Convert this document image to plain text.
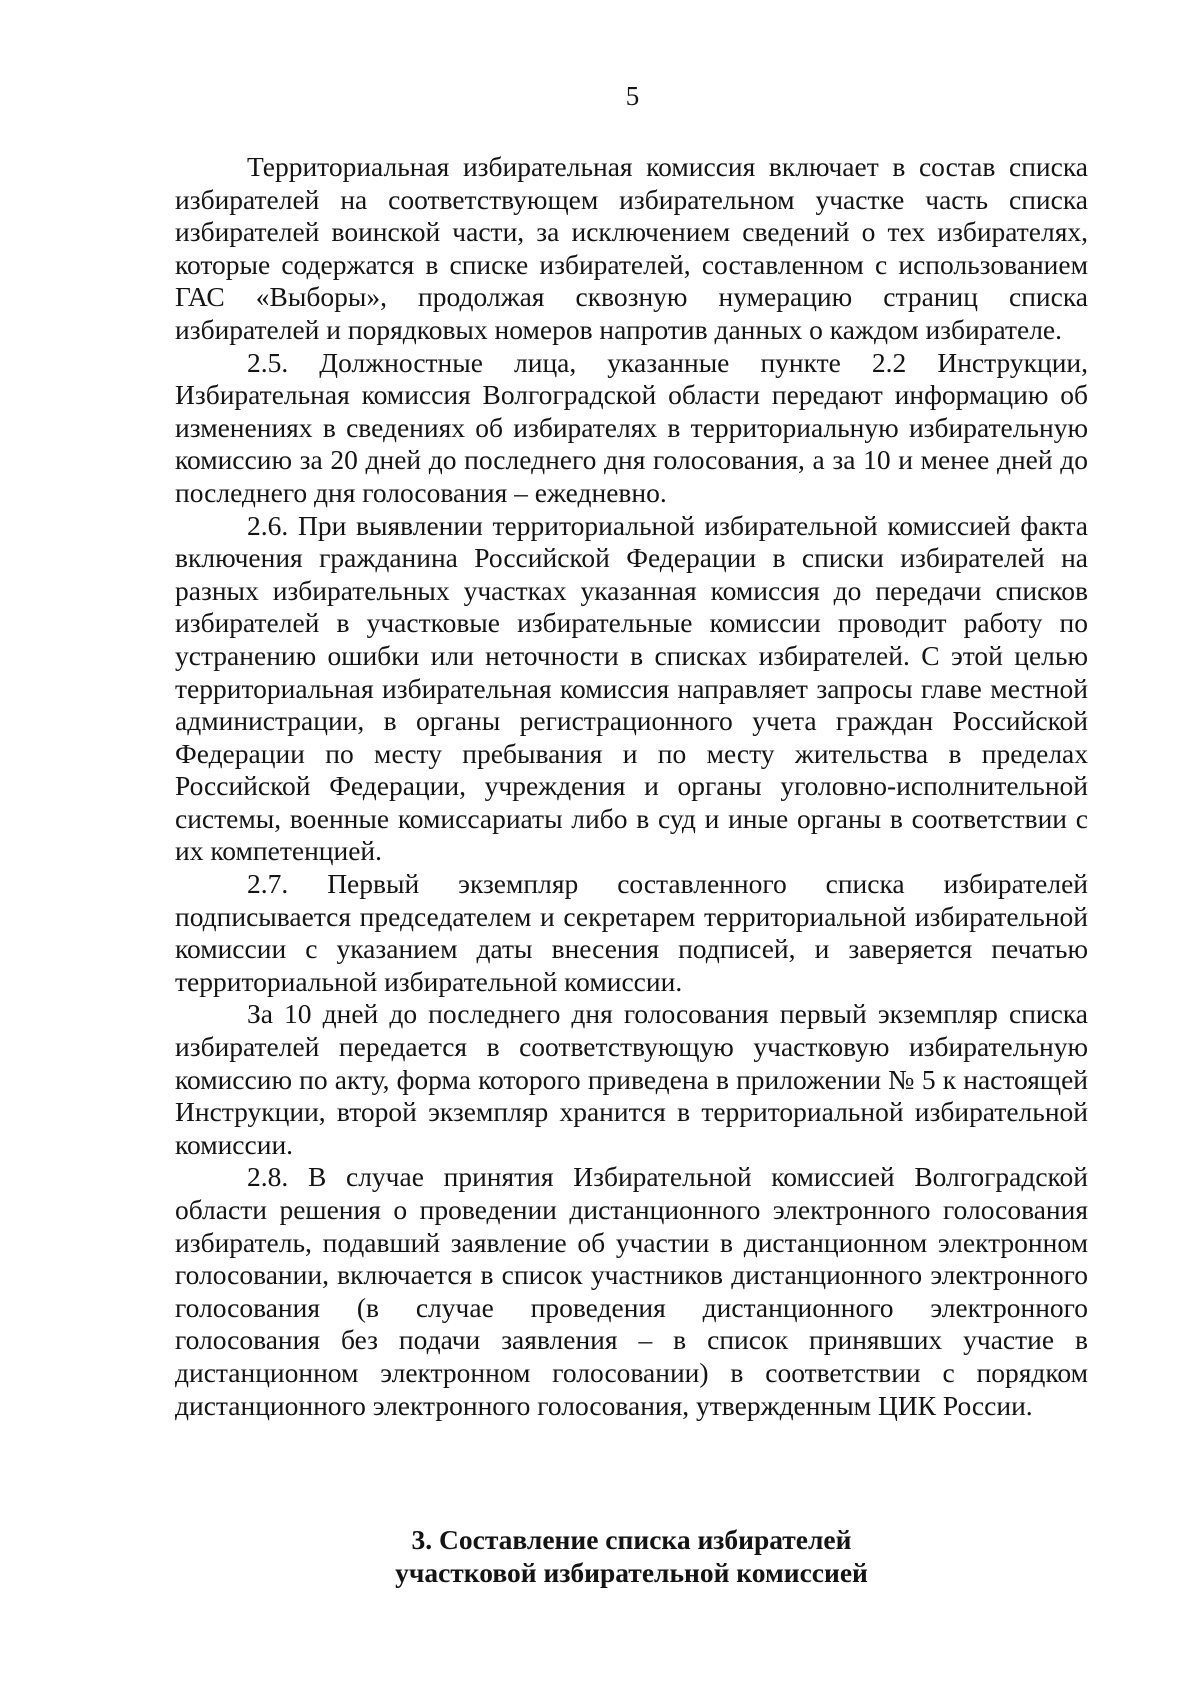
5

Территориальная избирательная комиссия включает в состав списка избирателей на соответствующем избирательном участке часть списка избирателей воинской части, за исключением сведений о тех избирателях, которые содержатся в списке избирателей, составленном с использованием ГАС «Выборы», продолжая сквозную нумерацию страниц списка избирателей и порядковых номеров напротив данных о каждом избирателе.

2.5. Должностные лица, указанные пункте 2.2 Инструкции, Избирательная комиссия Волгоградской области передают информацию об изменениях в сведениях об избирателях в территориальную избирательную комиссию за 20 дней до последнего дня голосования, а за 10 и менее дней до последнего дня голосования – ежедневно.

2.6. При выявлении территориальной избирательной комиссией факта включения гражданина Российской Федерации в списки избирателей на разных избирательных участках указанная комиссия до передачи списков избирателей в участковые избирательные комиссии проводит работу по устранению ошибки или неточности в списках избирателей. С этой целью территориальная избирательная комиссия направляет запросы главе местной администрации, в органы регистрационного учета граждан Российской Федерации по месту пребывания и по месту жительства в пределах Российской Федерации, учреждения и органы уголовно-исполнительной системы, военные комиссариаты либо в суд и иные органы в соответствии с их компетенцией.

2.7. Первый экземпляр составленного списка избирателей подписывается председателем и секретарем территориальной избирательной комиссии с указанием даты внесения подписей, и заверяется печатью территориальной избирательной комиссии.

За 10 дней до последнего дня голосования первый экземпляр списка избирателей передается в соответствующую участковую избирательную комиссию по акту, форма которого приведена в приложении № 5 к настоящей Инструкции, второй экземпляр хранится в территориальной избирательной комиссии.

2.8. В случае принятия Избирательной комиссией Волгоградской области решения о проведении дистанционного электронного голосования избиратель, подавший заявление об участии в дистанционном электронном голосовании, включается в список участников дистанционного электронного голосования (в случае проведения дистанционного электронного голосования без подачи заявления – в список принявших участие в дистанционном электронном голосовании) в соответствии с порядком дистанционного электронного голосования, утвержденным ЦИК России.

3. Составление списка избирателей
участковой избирательной комиссией
